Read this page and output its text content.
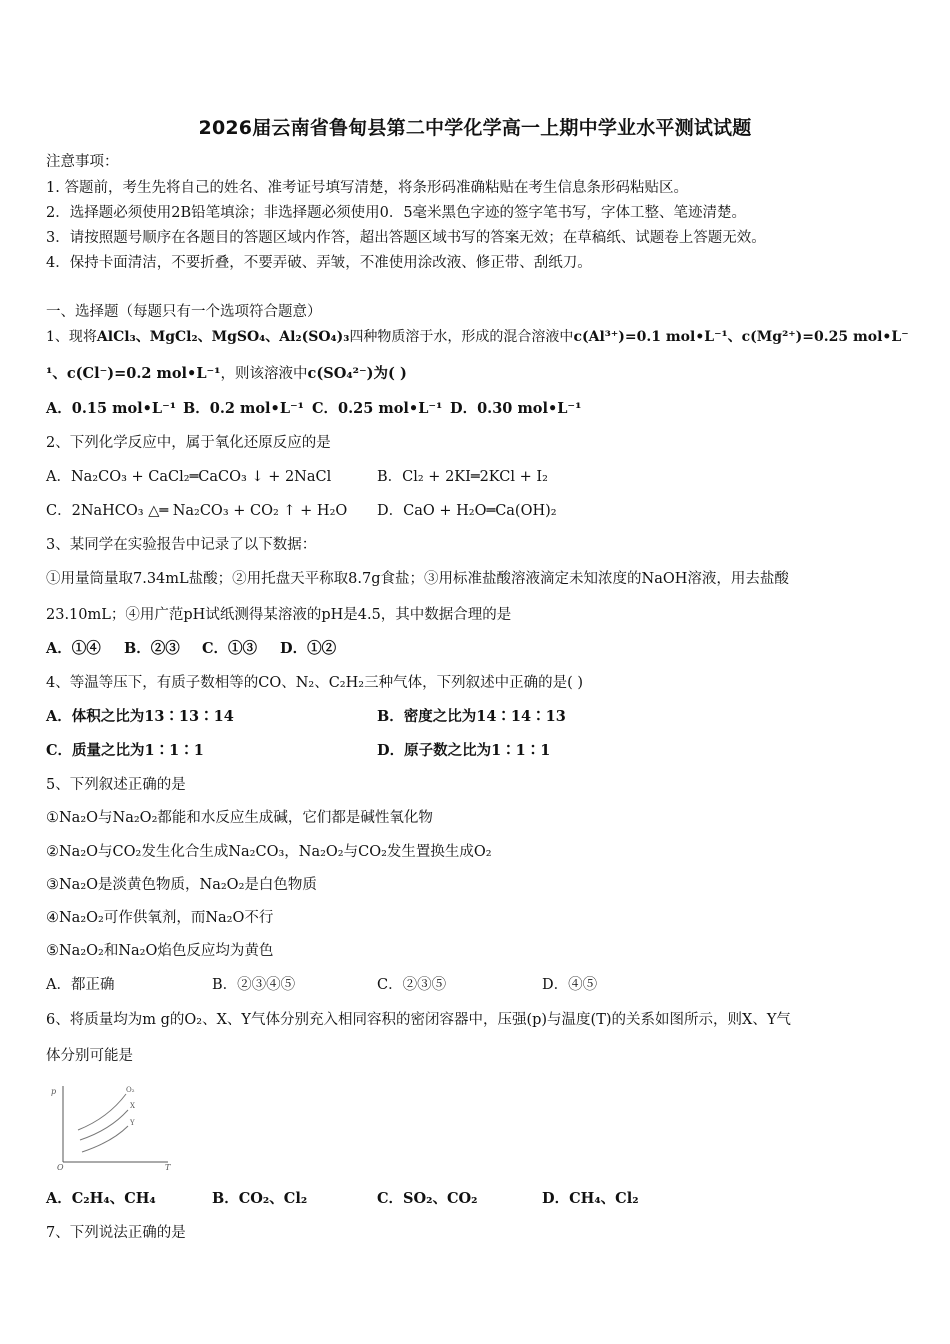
2026届云南省鲁甸县第二中学化学高一上期中学业水平测试试题
注意事项：
1. 答题前，考生先将自己的姓名、准考证号填写清楚，将条形码准确粘贴在考生信息条形码粘贴区。
2．选择题必须使用2B铅笔填涂；非选择题必须使用0．5毫米黑色字迹的签字笔书写，字体工整、笔迹清楚。
3．请按照题号顺序在各题目的答题区域内作答，超出答题区域书写的答案无效；在草稿纸、试题卷上答题无效。
4．保持卡面清洁，不要折叠，不要弄破、弄皱，不准使用涂改液、修正带、刮纸刀。
一、选择题（每题只有一个选项符合题意）
1、现将AlCl₃、MgCl₂、MgSO₄、Al₂(SO₄)₃四种物质溶于水，形成的混合溶液中c(Al³⁺)=0.1 mol•L⁻¹、c(Mg²⁺)=0.25 mol•L⁻
¹、c(Cl⁻)=0.2 mol•L⁻¹，则该溶液中c(SO₄²⁻)为( )
A．0.15 mol•L⁻¹ B．0.2 mol•L⁻¹ C．0.25 mol•L⁻¹ D．0.30 mol•L⁻¹
2、下列化学反应中，属于氧化还原反应的是
A．Na₂CO₃ + CaCl₂═CaCO₃ ↓ + 2NaCl	B．Cl₂ + 2KI═2KCl + I₂
C．2NaHCO₃ △═ Na₂CO₃ + CO₂ ↑ + H₂O D．CaO + H₂O═Ca(OH)₂
3、某同学在实验报告中记录了以下数据：
①用量筒量取7.34mL盐酸；②用托盘天平称取8.7g食盐；③用标准盐酸溶液滴定未知浓度的NaOH溶液，用去盐酸
23.10mL；④用广范pH试纸测得某溶液的pH是4.5，其中数据合理的是
A．①④ B．②③ C．①③ D．①②
4、等温等压下，有质子数相等的CO、N₂、C₂H₂三种气体，下列叙述中正确的是( )
A．体积之比为13∶13∶14	B．密度之比为14∶14∶13
C．质量之比为1∶1∶1	D．原子数之比为1∶1∶1
5、下列叙述正确的是
①Na₂O与Na₂O₂都能和水反应生成碱，它们都是碱性氧化物
②Na₂O与CO₂发生化合生成Na₂CO₃，Na₂O₂与CO₂发生置换生成O₂
③Na₂O是淡黄色物质，Na₂O₂是白色物质
④Na₂O₂可作供氧剂，而Na₂O不行
⑤Na₂O₂和Na₂O焰色反应均为黄色
A．都正确	B．②③④⑤	C．②③⑤	D．④⑤
6、将质量均为m g的O₂、X、Y气体分别充入相同容积的密闭容器中，压强(p)与温度(T)的关系如图所示，则X、Y气
体分别可能是
p
T
O
O₂
X
Y
A．C₂H₄、CH₄	B．CO₂、Cl₂	C．SO₂、CO₂	D．CH₄、Cl₂
7、下列说法正确的是
